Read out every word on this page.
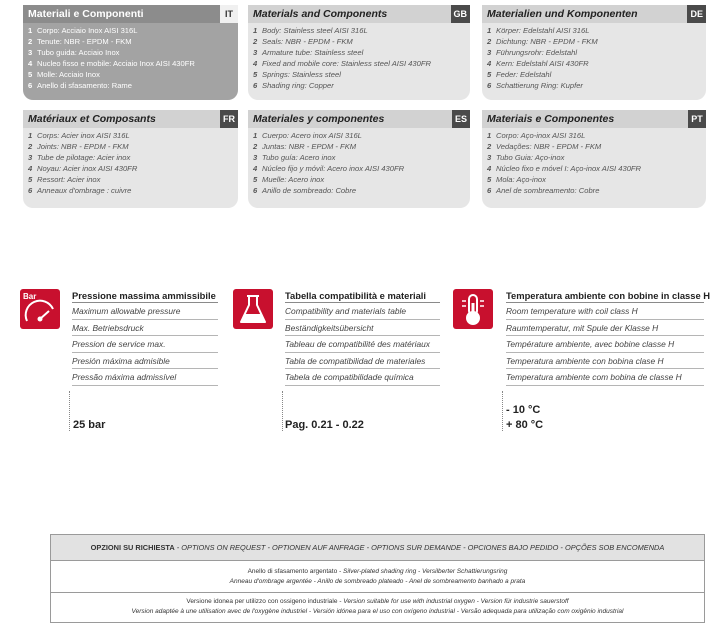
Materiali e Componenti	IT
1 Corpo: Acciaio Inox AISI 316L
2 Tenute: NBR - EPDM - FKM
3 Tubo guida: Acciaio Inox
4 Nucleo fisso e mobile: Acciaio Inox AISI 430FR
5 Molle: Acciaio Inox
6 Anello di sfasamento: Rame
Materials and Components	GB
1 Body: Stainless steel AISI 316L
2 Seals: NBR - EPDM - FKM
3 Armature tube: Stainless steel
4 Fixed and mobile core: Stainless steel AISI 430FR
5 Springs: Stainless steel
6 Shading ring: Copper
Materialien und Komponenten	DE
1 Körper: Edelstahl AISI 316L
2 Dichtung: NBR - EPDM - FKM
3 Führungsrohr: Edelstahl
4 Kern: Edelstahl AISI 430FR
5 Feder: Edelstahl
6 Schattierung Ring: Kupfer
Matériaux et Composants	FR
1 Corps: Acier inox AISI 316L
2 Joints: NBR - EPDM - FKM
3 Tube de pilotage: Acier inox
4 Noyau: Acier inox AISI 430FR
5 Ressort: Acier inox
6 Anneaux d'ombrage : cuivre
Materiales y componentes	ES
1 Cuerpo: Acero inox AISI 316L
2 Juntas: NBR - EPDM - FKM
3 Tubo guía: Acero inox
4 Núcleo fijo y móvil: Acero inox AISI 430FR
5 Muelle: Acero inox
6 Anillo de sombreado: Cobre
Materiais e Componentes	PT
1 Corpo: Aço-inox AISI 316L
2 Vedações: NBR - EPDM - FKM
3 Tubo Guia: Aço-inox
4 Núcleo fixo e móvel I: Aço-inox AISI 430FR
5 Mola: Aço-inox
6 Anel de sombreamento: Cobre
Bar	Pressione massima ammissibile
Maximum allowable pressure
Max. Betriebsdruck
Pression de service max.
Presión máxima admisible
Pressão máxima admissível
25 bar
Tabella compatibilità e materiali
Compatibility and materials table
Beständigkeitsübersicht
Tableau de compatibilité des matériaux
Tabla de compatibilidad de materiales
Tabela de compatibilidade química
Pag. 0.21 - 0.22
Temperatura ambiente con bobine in classe H
Room temperature with coil class H
Raumtemperatur, mit Spule der Klasse H
Température ambiente, avec bobine classe H
Temperatura ambiente con bobina clase H
Temperatura ambiente com bobina de classe H
- 10 °C
+ 80 °C
OPZIONI SU RICHIESTA - OPTIONS ON REQUEST - OPTIONEN AUF ANFRAGE - OPTIONS SUR DEMANDE - OPCIONES BAJO PEDIDO - OPÇÕES SOB ENCOMENDA
Anello di sfasamento argentato - Silver-plated shading ring - Versilberter Schattierungsring
Anneau d'ombrage argentée - Anillo de sombreado plateado - Anel de sombreamento banhado a prata
Versione idonea per utilizzo con ossigeno industriale - Version suitable for use with industrial oxygen - Version für industrie sauerstoff
Version adaptée à une utilisation avec de l'oxygène industriel - Versión idónea para el uso con oxígeno industrial - Versão adequada para utilização com oxigênio industrial
